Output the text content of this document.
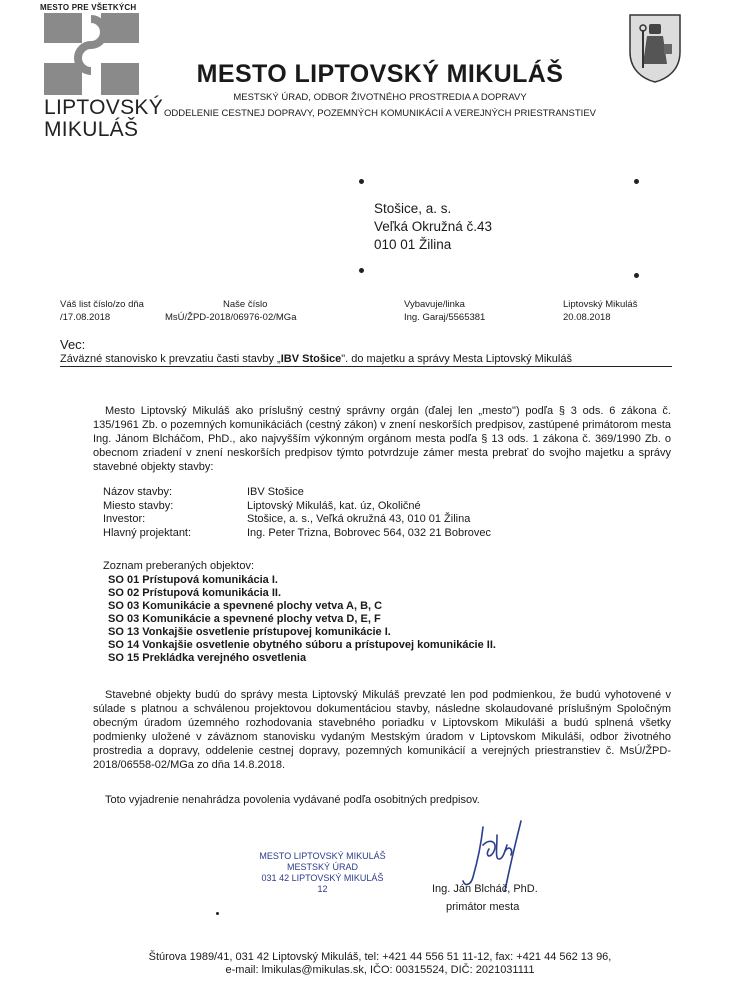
MESTO PRE VŠETKÝCH
LIPTOVSKÝ
MIKULÁŠ
MESTO LIPTOVSKÝ MIKULÁŠ
MESTSKÝ ÚRAD, ODBOR ŽIVOTNÉHO PROSTREDIA A DOPRAVY
ODDELENIE CESTNEJ DOPRAVY, POZEMNÝCH KOMUNIKÁCIÍ A VEREJNÝCH PRIESTRANSTIEV
Stošice, a. s.
Veľká Okružná č.43
010 01 Žilina
Váš list číslo/zo dňa
/17.08.2018
Naše číslo
MsÚ/ŽPD-2018/06976-02/MGa
Vybavuje/linka
Ing. Garaj/5565381
Liptovský Mikuláš
20.08.2018
Vec:
Záväzné stanovisko k prevzatiu časti stavby „IBV Stošice". do majetku a správy Mesta Liptovský Mikuláš
Mesto Liptovský Mikuláš ako príslušný cestný správny orgán (ďalej len „mesto") podľa § 3 ods. 6 zákona č. 135/1961 Zb. o pozemných komunikáciách (cestný zákon) v znení neskorších predpisov, zastúpené primátorom mesta Ing. Jánom Blcháčom, PhD., ako najvyšším výkonným orgánom mesta podľa § 13 ods. 1 zákona č. 369/1990 Zb. o obecnom zriadení v znení neskorších predpisov týmto potvrdzuje zámer mesta prebrať do svojho majetku a správy stavebné objekty stavby:
Názov stavby:	IBV Stošice
Miesto stavby:	Liptovský Mikuláš, kat. úz, Okoličné
Investor:	Stošice, a. s., Veľká okružná 43, 010 01 Žilina
Hlavný projektant:	Ing. Peter Trizna, Bobrovec 564, 032 21 Bobrovec
Zoznam preberaných objektov:
SO 01 Prístupová komunikácia I.
SO 02 Prístupová komunikácia II.
SO 03 Komunikácie a spevnené plochy vetva A, B, C
SO 03 Komunikácie a spevnené plochy vetva D, E, F
SO 13 Vonkajšie osvetlenie prístupovej komunikácie I.
SO 14 Vonkajšie osvetlenie obytného súboru a prístupovej komunikácie II.
SO 15 Prekládka verejného osvetlenia
Stavebné objekty budú do správy mesta Liptovský Mikuláš prevzaté len pod podmienkou, že budú vyhotovené v súlade s platnou a schválenou projektovou dokumentáciou stavby, následne skolaudované príslušným Spoločným obecným úradom územného rozhodovania stavebného poriadku v Liptovskom Mikuláši a budú splnená všetky podmienky uložené v záväznom stanovisku vydaným Mestským úradom v Liptovskom Mikuláši, odbor životného prostredia a dopravy, oddelenie cestnej dopravy, pozemných komunikácií a verejných priestranstiev č. MsÚ/ŽPD-2018/06558-02/MGa zo dňa 14.8.2018.
Toto vyjadrenie nenahrádza povolenia vydávané podľa osobitných predpisov.
MESTO LIPTOVSKÝ MIKULÁŠ
MESTSKÝ ÚRAD
031 42 LIPTOVSKÝ MIKULÁŠ
12	Ing. Ján Blcháč, PhD.
primátor mesta
Štúrova 1989/41, 031 42 Liptovský Mikuláš, tel: +421 44 556 51 11-12, fax: +421 44 562 13 96,
e-mail: lmikulas@mikulas.sk, IČO: 00315524, DIČ: 2021031111
